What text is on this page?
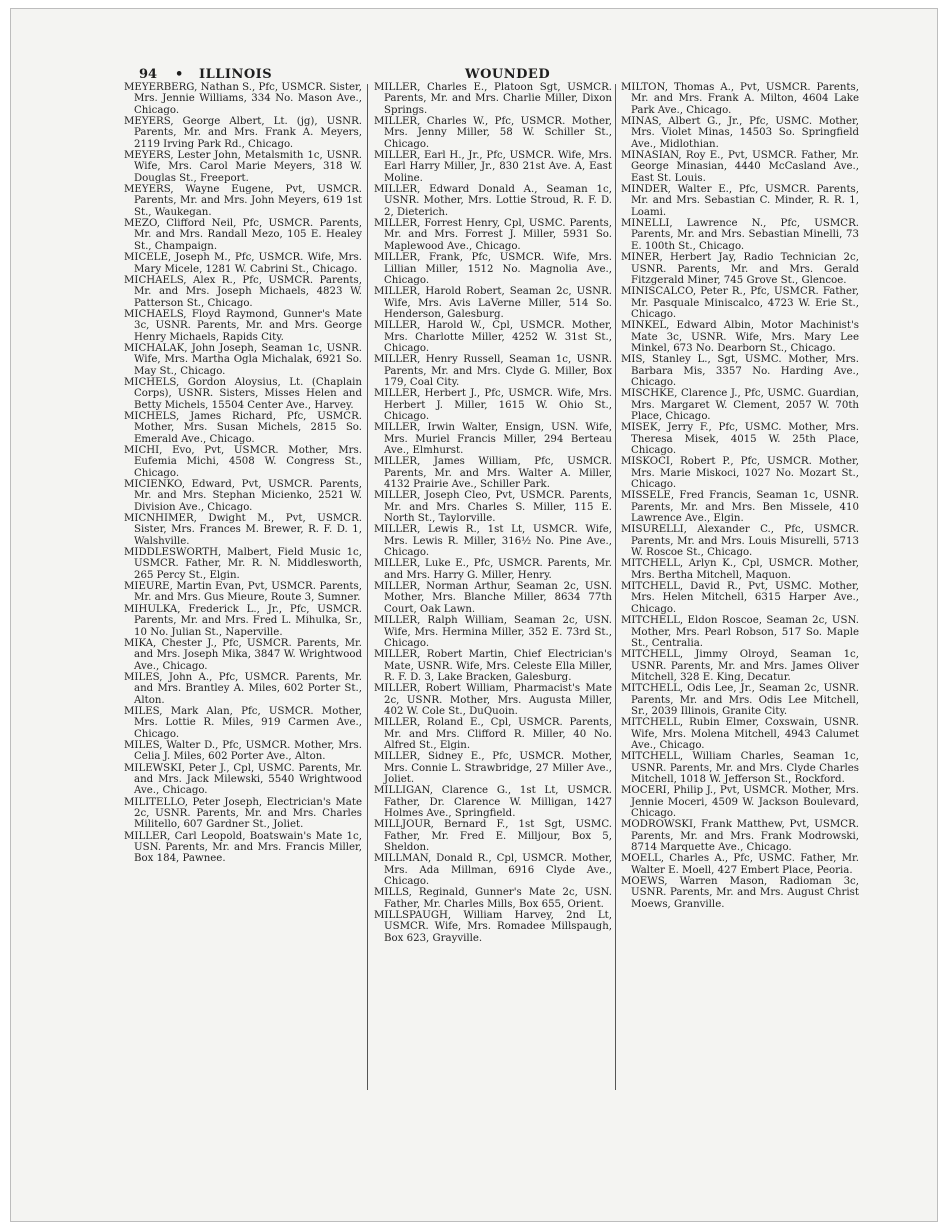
94 • ILLINOIS	WOUNDED

MEYERBERG, Nathan S., Pfc, USMCR. Sister, Mrs. Jennie Williams, 334 No. Mason Ave., Chicago.

MEYERS, George Albert, Lt. (jg), USNR. Parents, Mr. and Mrs. Frank A. Meyers, 2119 Irving Park Rd., Chicago.

MEYERS, Lester John, Metalsmith 1c, USNR. Wife, Mrs. Carol Marie Meyers, 318 W. Douglas St., Freeport.

MEYERS, Wayne Eugene, Pvt, USMCR. Parents, Mr. and Mrs. John Meyers, 619 1st St., Waukegan.

MEZO, Clifford Neil, Pfc, USMCR. Parents, Mr. and Mrs. Randall Mezo, 105 E. Healey St., Champaign.

MICELE, Joseph M., Pfc, USMCR. Wife, Mrs. Mary Micele, 1281 W. Cabrini St., Chicago.

MICHAELS, Alex R., Pfc, USMCR. Parents, Mr. and Mrs. Joseph Michaels, 4823 W. Patterson St., Chicago.

MICHAELS, Floyd Raymond, Gunner's Mate 3c, USNR. Parents, Mr. and Mrs. George Henry Michaels, Rapids City.

MICHALAK, John Joseph, Seaman 1c, USNR. Wife, Mrs. Martha Ogla Michalak, 6921 So. May St., Chicago.

MICHELS, Gordon Aloysius, Lt. (Chaplain Corps), USNR. Sisters, Misses Helen and Betty Michels, 15504 Center Ave., Harvey.

MICHELS, James Richard, Pfc, USMCR. Mother, Mrs. Susan Michels, 2815 So. Emerald Ave., Chicago.

MICHI, Evo, Pvt, USMCR. Mother, Mrs. Eufemia Michi, 4508 W. Congress St., Chicago.

MICIENKO, Edward, Pvt, USMCR. Parents, Mr. and Mrs. Stephan Micienko, 2521 W. Division Ave., Chicago.

MICNHIMER, Dwight M., Pvt, USMCR. Sister, Mrs. Frances M. Brewer, R. F. D. 1, Walshville.

MIDDLESWORTH, Malbert, Field Music 1c, USMCR. Father, Mr. R. N. Middlesworth, 265 Percy St., Elgin.

MIEURE, Martin Evan, Pvt, USMCR. Parents, Mr. and Mrs. Gus Mieure, Route 3, Sumner.

MIHULKA, Frederick L., Jr., Pfc, USMCR. Parents, Mr. and Mrs. Fred L. Mihulka, Sr., 10 No. Julian St., Naperville.

MIKA, Chester J., Pfc, USMCR. Parents, Mr. and Mrs. Joseph Mika, 3847 W. Wrightwood Ave., Chicago.

MILES, John A., Pfc, USMCR. Parents, Mr. and Mrs. Brantley A. Miles, 602 Porter St., Alton.

MILES, Mark Alan, Pfc, USMCR. Mother, Mrs. Lottie R. Miles, 919 Carmen Ave., Chicago.

MILES, Walter D., Pfc, USMCR. Mother, Mrs. Celia J. Miles, 602 Porter Ave., Alton.

MILEWSKI, Peter J., Cpl, USMC. Parents, Mr. and Mrs. Jack Milewski, 5540 Wrightwood Ave., Chicago.

MILITELLO, Peter Joseph, Electrician's Mate 2c, USNR. Parents, Mr. and Mrs. Charles Militello, 607 Gardner St., Joliet.

MILLER, Carl Leopold, Boatswain's Mate 1c, USN. Parents, Mr. and Mrs. Francis Miller, Box 184, Pawnee.

MILLER, Charles E., Platoon Sgt, USMCR. Parents, Mr. and Mrs. Charlie Miller, Dixon Springs.

MILLER, Charles W., Pfc, USMCR. Mother, Mrs. Jenny Miller, 58 W. Schiller St., Chicago.

MILLER, Earl H., Jr., Pfc, USMCR. Wife, Mrs. Earl Harry Miller, Jr., 830 21st Ave. A, East Moline.

MILLER, Edward Donald A., Seaman 1c, USNR. Mother, Mrs. Lottie Stroud, R. F. D. 2, Dieterich.

MILLER, Forrest Henry, Cpl, USMC. Parents, Mr. and Mrs. Forrest J. Miller, 5931 So. Maplewood Ave., Chicago.

MILLER, Frank, Pfc, USMCR. Wife, Mrs. Lillian Miller, 1512 No. Magnolia Ave., Chicago.

MILLER, Harold Robert, Seaman 2c, USNR. Wife, Mrs. Avis LaVerne Miller, 514 So. Henderson, Galesburg.

MILLER, Harold W., Cpl, USMCR. Mother, Mrs. Charlotte Miller, 4252 W. 31st St., Chicago.

MILLER, Henry Russell, Seaman 1c, USNR. Parents, Mr. and Mrs. Clyde G. Miller, Box 179, Coal City.

MILLER, Herbert J., Pfc, USMCR. Wife, Mrs. Herbert J. Miller, 1615 W. Ohio St., Chicago.

MILLER, Irwin Walter, Ensign, USN. Wife, Mrs. Muriel Francis Miller, 294 Berteau Ave., Elmhurst.

MILLER, James William, Pfc, USMCR. Parents, Mr. and Mrs. Walter A. Miller, 4132 Prairie Ave., Schiller Park.

MILLER, Joseph Cleo, Pvt, USMCR. Parents, Mr. and Mrs. Charles S. Miller, 115 E. North St., Taylorville.

MILLER, Lewis R., 1st Lt, USMCR. Wife, Mrs. Lewis R. Miller, 316½ No. Pine Ave., Chicago.

MILLER, Luke E., Pfc, USMCR. Parents, Mr. and Mrs. Harry G. Miller, Henry.

MILLER, Norman Arthur, Seaman 2c, USN. Mother, Mrs. Blanche Miller, 8634 77th Court, Oak Lawn.

MILLER, Ralph William, Seaman 2c, USN. Wife, Mrs. Hermina Miller, 352 E. 73rd St., Chicago.

MILLER, Robert Martin, Chief Electrician's Mate, USNR. Wife, Mrs. Celeste Ella Miller, R. F. D. 3, Lake Bracken, Galesburg.

MILLER, Robert William, Pharmacist's Mate 2c, USNR. Mother, Mrs. Augusta Miller, 402 W. Cole St., DuQuoin.

MILLER, Roland E., Cpl, USMCR. Parents, Mr. and Mrs. Clifford R. Miller, 40 No. Alfred St., Elgin.

MILLER, Sidney E., Pfc, USMCR. Mother, Mrs. Connie L. Strawbridge, 27 Miller Ave., Joliet.

MILLIGAN, Clarence G., 1st Lt, USMCR. Father, Dr. Clarence W. Milligan, 1427 Holmes Ave., Springfield.

MILLJOUR, Bernard F., 1st Sgt, USMC. Father, Mr. Fred E. Milljour, Box 5, Sheldon.

MILLMAN, Donald R., Cpl, USMCR. Mother, Mrs. Ada Millman, 6916 Clyde Ave., Chicago.

MILLS, Reginald, Gunner's Mate 2c, USN. Father, Mr. Charles Mills, Box 655, Orient.

MILLSPAUGH, William Harvey, 2nd Lt, USMCR. Wife, Mrs. Romadee Millspaugh, Box 623, Grayville.

MILTON, Thomas A., Pvt, USMCR. Parents, Mr. and Mrs. Frank A. Milton, 4604 Lake Park Ave., Chicago.

MINAS, Albert G., Jr., Pfc, USMC. Mother, Mrs. Violet Minas, 14503 So. Springfield Ave., Midlothian.

MINASIAN, Roy E., Pvt, USMCR. Father, Mr. George Minasian, 4440 McCasland Ave., East St. Louis.

MINDER, Walter E., Pfc, USMCR. Parents, Mr. and Mrs. Sebastian C. Minder, R. R. 1, Loami.

MINELLI, Lawrence N., Pfc, USMCR. Parents, Mr. and Mrs. Sebastian Minelli, 73 E. 100th St., Chicago.

MINER, Herbert Jay, Radio Technician 2c, USNR. Parents, Mr. and Mrs. Gerald Fitzgerald Miner, 745 Grove St., Glencoe.

MINISCALCO, Peter R., Pfc, USMCR. Father, Mr. Pasquale Miniscalco, 4723 W. Erie St., Chicago.

MINKEL, Edward Albin, Motor Machinist's Mate 3c, USNR. Wife, Mrs. Mary Lee Minkel, 673 No. Dearborn St., Chicago.

MIS, Stanley L., Sgt, USMC. Mother, Mrs. Barbara Mis, 3357 No. Harding Ave., Chicago.

MISCHKE, Clarence J., Pfc, USMC. Guardian, Mrs. Margaret W. Clement, 2057 W. 70th Place, Chicago.

MISEK, Jerry F., Pfc, USMC. Mother, Mrs. Theresa Misek, 4015 W. 25th Place, Chicago.

MISKOCI, Robert P., Pfc, USMCR. Mother, Mrs. Marie Miskoci, 1027 No. Mozart St., Chicago.

MISSELE, Fred Francis, Seaman 1c, USNR. Parents, Mr. and Mrs. Ben Missele, 410 Lawrence Ave., Elgin.

MISURELLI, Alexander C., Pfc, USMCR. Parents, Mr. and Mrs. Louis Misurelli, 5713 W. Roscoe St., Chicago.

MITCHELL, Arlyn K., Cpl, USMCR. Mother, Mrs. Bertha Mitchell, Maquon.

MITCHELL, David R., Pvt, USMC. Mother, Mrs. Helen Mitchell, 6315 Harper Ave., Chicago.

MITCHELL, Eldon Roscoe, Seaman 2c, USN. Mother, Mrs. Pearl Robson, 517 So. Maple St., Centralia.

MITCHELL, Jimmy Olroyd, Seaman 1c, USNR. Parents, Mr. and Mrs. James Oliver Mitchell, 328 E. King, Decatur.

MITCHELL, Odis Lee, Jr., Seaman 2c, USNR. Parents, Mr. and Mrs. Odis Lee Mitchell, Sr., 2039 Illinois, Granite City.

MITCHELL, Rubin Elmer, Coxswain, USNR. Wife, Mrs. Molena Mitchell, 4943 Calumet Ave., Chicago.

MITCHELL, William Charles, Seaman 1c, USNR. Parents, Mr. and Mrs. Clyde Charles Mitchell, 1018 W. Jefferson St., Rockford.

MOCERI, Philip J., Pvt, USMCR. Mother, Mrs. Jennie Moceri, 4509 W. Jackson Boulevard, Chicago.

MODROWSKI, Frank Matthew, Pvt, USMCR. Parents, Mr. and Mrs. Frank Modrowski, 8714 Marquette Ave., Chicago.

MOELL, Charles A., Pfc, USMC. Father, Mr. Walter E. Moell, 427 Embert Place, Peoria.

MOEWS, Warren Mason, Radioman 3c, USNR. Parents, Mr. and Mrs. August Christ Moews, Granville.
